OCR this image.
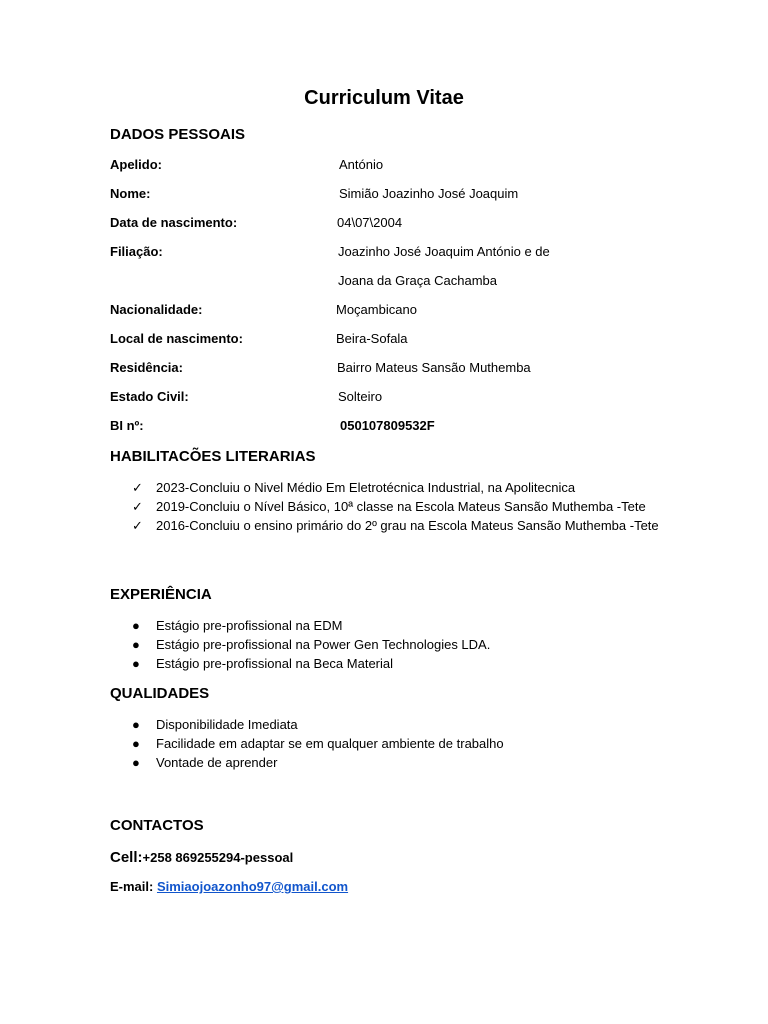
Curriculum Vitae
DADOS PESSOAIS
Apelido:	António
Nome:	Simião Joazinho José Joaquim
Data de nascimento:	04\07\2004
Filiação:	Joazinho José Joaquim António e de
Joana da Graça Cachamba
Nacionalidade:	Moçambicano
Local de nascimento:	Beira-Sofala
Residência:	Bairro Mateus Sansão Muthemba
Estado Civil:	Solteiro
BI nº:	050107809532F
HABILITACÕES LITERARIAS
✓	2023-Concluiu o Nivel Médio Em Eletrotécnica Industrial, na Apolitecnica
✓	2019-Concluiu o Nível Básico, 10ª classe na Escola Mateus Sansão Muthemba -Tete
✓	2016-Concluiu o ensino primário do 2º grau na Escola Mateus Sansão Muthemba -Tete
EXPERIÊNCIA
●	Estágio pre-profissional na EDM
●	Estágio pre-profissional na Power Gen Technologies LDA.
●	Estágio pre-profissional na Beca Material
QUALIDADES
●	Disponibilidade Imediata
●	Facilidade em adaptar se em qualquer ambiente de trabalho
●	Vontade de aprender
CONTACTOS
Cell:+258 869255294-pessoal
E-mail: Simiaojoazonho97@gmail.com
